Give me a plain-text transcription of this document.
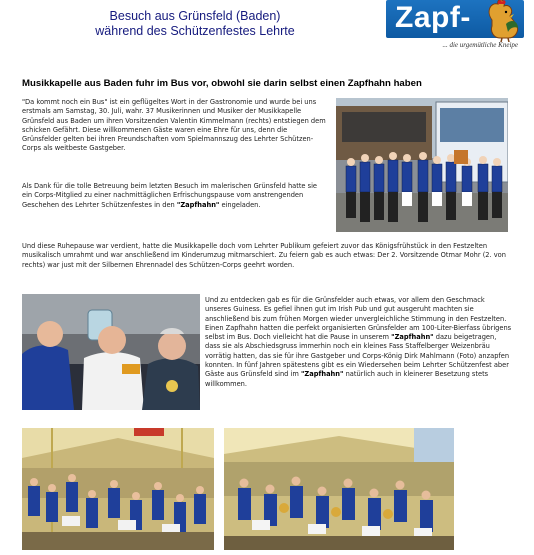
Besuch aus Grünsfeld (Baden)
während des Schützenfestes Lehrte	Zapf-
... die urgemütliche Kneipe
Musikkapelle aus Baden fuhr im Bus vor, obwohl sie darin selbst einen Zapfhahn haben

"Da kommt noch ein Bus" ist ein geflügeltes Wort in der Gastronomie und wurde bei uns erstmals am Samstag, 30. Juli, wahr. 37 Musikerinnen und Musiker der Musikkapelle Grünsfeld aus Baden um ihren Vorsitzenden Valentin Kimmelmann (rechts) entstiegen dem schicken Gefährt. Diese willkommenen Gäste waren eine Ehre für uns, denn die Grünsfelder gelten bei ihren Freundschaften vom Spielmannszug des Lehrter Schützen-Corps als weitbeste Gastgeber.

Als Dank für die tolle Betreuung beim letzten Besuch im malerischen Grünsfeld hatte sie ein Corps-Mitglied zu einer nachmittäglichen Erfrischungspause vom anstrengenden Geschehen des Lehrter Schützenfestes in den "Zapfhahn" eingeladen.

Und diese Ruhepause war verdient, hatte die Musikkapelle doch vom Lehrter Publikum gefeiert zuvor das Königsfrühstück in den Festzelten musikalisch umrahmt und war anschließend im Kinderumzug mitmarschiert. Zu feiern gab es auch etwas: Der 2. Vorsitzende Otmar Mohr (2. von rechts) war just mit der Silbernen Ehrennadel des Schützen-Corps geehrt worden.

Und zu entdecken gab es für die Grünsfelder auch etwas, vor allem den Geschmack unseres Guiness. Es gefiel ihnen gut im Irish Pub und gut ausgeruht machten sie anschließend bis zum frühen Morgen wieder unvergleichliche Stimmung in den Festzelten. Einen Zapfhahn hatten die perfekt organisierten Grünsfelder am 100-Liter-Bierfass übrigens selbst im Bus. Doch vielleicht hat die Pause in unserem "Zapfhahn" dazu beigetragen, dass sie als Abschiedsgruss immerhin noch ein kleines Fass Staffelberger Weizenbräu vorrätig hatten, das sie für ihre Gastgeber und Corps-König Dirk Mahlmann (Foto) anzapfen konnten. In fünf Jahren spätestens gibt es ein Wiedersehen beim Lehrter Schützenfest aber Gäste aus Grünsfeld sind im "Zapfhahn" natürlich auch in kleinerer Besetzung stets willkommen.
